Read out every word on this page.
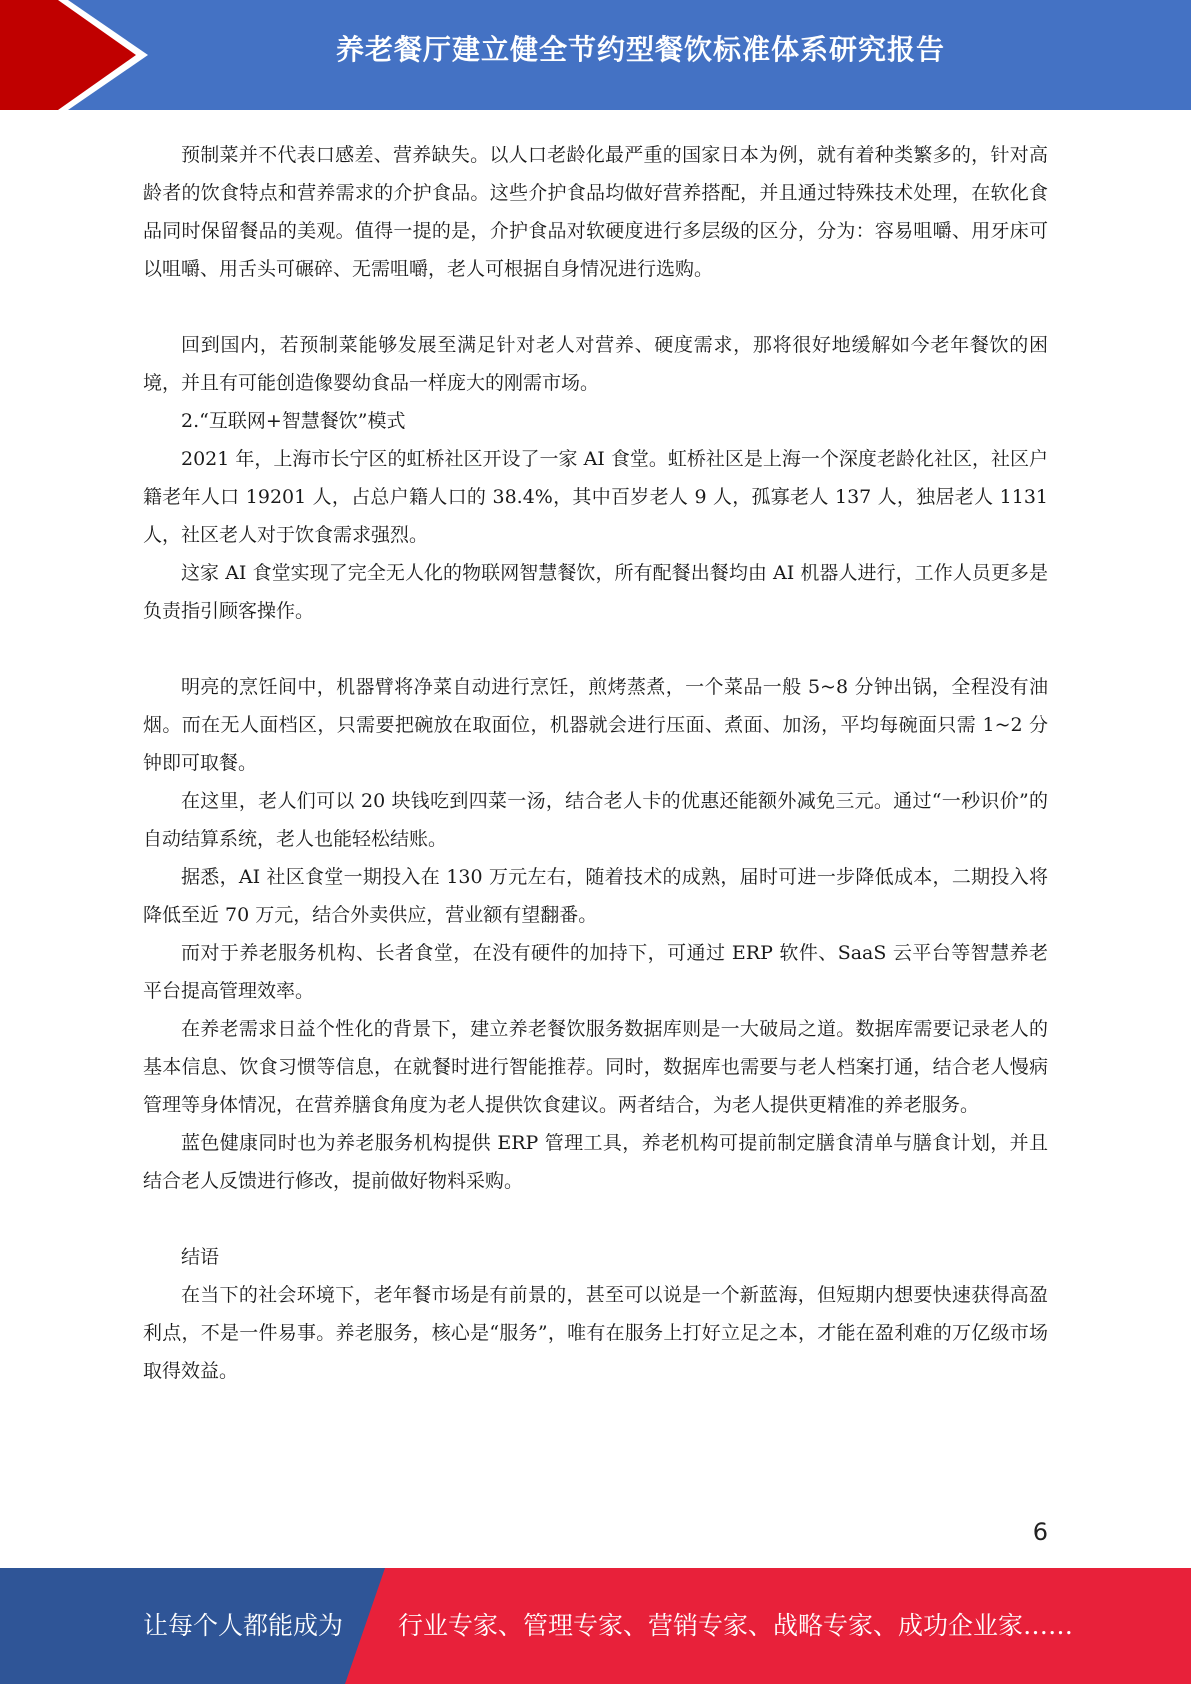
养老餐厅建立健全节约型餐饮标准体系研究报告

预制菜并不代表口感差、营养缺失。以人口老龄化最严重的国家日本为例，就有着种类繁多的，针对高龄者的饮食特点和营养需求的介护食品。这些介护食品均做好营养搭配，并且通过特殊技术处理，在软化食品同时保留餐品的美观。值得一提的是，介护食品对软硬度进行多层级的区分，分为：容易咀嚼、用牙床可以咀嚼、用舌头可碾碎、无需咀嚼，老人可根据自身情况进行选购。

回到国内，若预制菜能够发展至满足针对老人对营养、硬度需求，那将很好地缓解如今老年餐饮的困境，并且有可能创造像婴幼食品一样庞大的刚需市场。

2.“互联网+智慧餐饮”模式

2021 年，上海市长宁区的虹桥社区开设了一家 AI 食堂。虹桥社区是上海一个深度老龄化社区，社区户籍老年人口 19201 人，占总户籍人口的 38.4%，其中百岁老人 9 人，孤寡老人 137 人，独居老人 1131 人，社区老人对于饮食需求强烈。

这家 AI 食堂实现了完全无人化的物联网智慧餐饮，所有配餐出餐均由 AI 机器人进行，工作人员更多是负责指引顾客操作。

明亮的烹饪间中，机器臂将净菜自动进行烹饪，煎烤蒸煮，一个菜品一般 5~8 分钟出锅，全程没有油烟。而在无人面档区，只需要把碗放在取面位，机器就会进行压面、煮面、加汤，平均每碗面只需 1~2 分钟即可取餐。

在这里，老人们可以 20 块钱吃到四菜一汤，结合老人卡的优惠还能额外减免三元。通过“一秒识价”的自动结算系统，老人也能轻松结账。

据悉，AI 社区食堂一期投入在 130 万元左右，随着技术的成熟，届时可进一步降低成本，二期投入将降低至近 70 万元，结合外卖供应，营业额有望翻番。

而对于养老服务机构、长者食堂，在没有硬件的加持下，可通过 ERP 软件、SaaS 云平台等智慧养老平台提高管理效率。

在养老需求日益个性化的背景下，建立养老餐饮服务数据库则是一大破局之道。数据库需要记录老人的基本信息、饮食习惯等信息，在就餐时进行智能推荐。同时，数据库也需要与老人档案打通，结合老人慢病管理等身体情况，在营养膳食角度为老人提供饮食建议。两者结合，为老人提供更精准的养老服务。

蓝色健康同时也为养老服务机构提供 ERP 管理工具，养老机构可提前制定膳食清单与膳食计划，并且结合老人反馈进行修改，提前做好物料采购。

结语

在当下的社会环境下，老年餐市场是有前景的，甚至可以说是一个新蓝海，但短期内想要快速获得高盈利点，不是一件易事。养老服务，核心是“服务”，唯有在服务上打好立足之本，才能在盈利难的万亿级市场取得效益。

6
让每个人都能成为 行业专家、管理专家、营销专家、战略专家、成功企业家……
